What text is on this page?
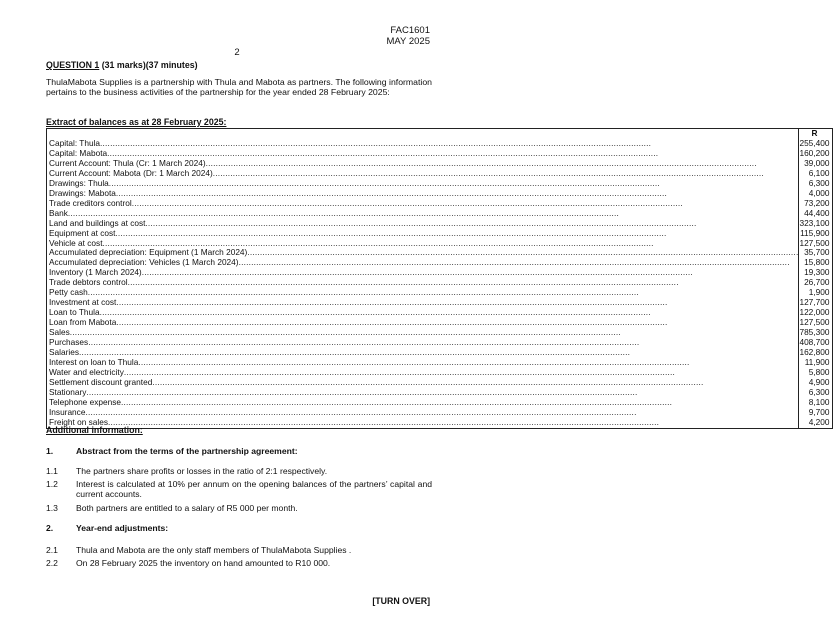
FAC1601
MAY 2025
2
QUESTION 1 (31 marks)(37 minutes)
ThulaMabota Supplies is a partnership with Thula and Mabota as partners. The following information pertains to the business activities of the partnership for the year ended 28 February 2025:
Extract of balances as at 28 February 2025:
	R

Capital: Thula ............................................................................................................................................................................................................................	255,400

Capital: Mabota ............................................................................................................................................................................................................................	160,200

Current Account: Thula (Cr: 1 March 2024) ............................................................................................................................................................................................................................	39,000

Current Account: Mabota (Dr: 1 March 2024) ............................................................................................................................................................................................................................	6,100

Drawings: Thula ............................................................................................................................................................................................................................	6,300

Drawings: Mabota ............................................................................................................................................................................................................................	4,000

Trade creditors control ............................................................................................................................................................................................................................	73,200

Bank ............................................................................................................................................................................................................................	44,400

Land and buildings at cost ............................................................................................................................................................................................................................	323,100

Equipment at cost ............................................................................................................................................................................................................................	115,900

Vehicle at cost ............................................................................................................................................................................................................................	127,500

Accumulated depreciation: Equipment (1 March 2024) ............................................................................................................................................................................................................................	35,700

Accumulated depreciation: Vehicles (1 March 2024) ............................................................................................................................................................................................................................	15,800

Inventory (1 March 2024) ............................................................................................................................................................................................................................	19,300

Trade debtors control ............................................................................................................................................................................................................................	26,700

Petty cash ............................................................................................................................................................................................................................	1,900

Investment at cost ............................................................................................................................................................................................................................	127,700

Loan to Thula ............................................................................................................................................................................................................................	122,000

Loan from Mabota ............................................................................................................................................................................................................................	127,500

Sales ............................................................................................................................................................................................................................	785,300

Purchases ............................................................................................................................................................................................................................	408,700

Salaries ............................................................................................................................................................................................................................	162,800

Interest on loan to Thula ............................................................................................................................................................................................................................	11,900

Water and electricity ............................................................................................................................................................................................................................	5,800

Settlement discount granted ............................................................................................................................................................................................................................	4,900

Stationary ............................................................................................................................................................................................................................	6,300

Telephone expense ............................................................................................................................................................................................................................	8,100

Insurance ............................................................................................................................................................................................................................	9,700

Freight on sales ............................................................................................................................................................................................................................	4,200
Additional information:
1.	Abstract from the terms of the partnership agreement:
1.1 The partners share profits or losses in the ratio of 2:1 respectively.
1.2 Interest is calculated at 10% per annum on the opening balances of the partners’ capital and current accounts.
1.3 Both partners are entitled to a salary of R5 000 per month.
2.	Year-end adjustments:
2.1 Thula and Mabota are the only staff members of ThulaMabota Supplies .
2.2 On 28 February 2025 the inventory on hand amounted to R10 000.
[TURN OVER]
